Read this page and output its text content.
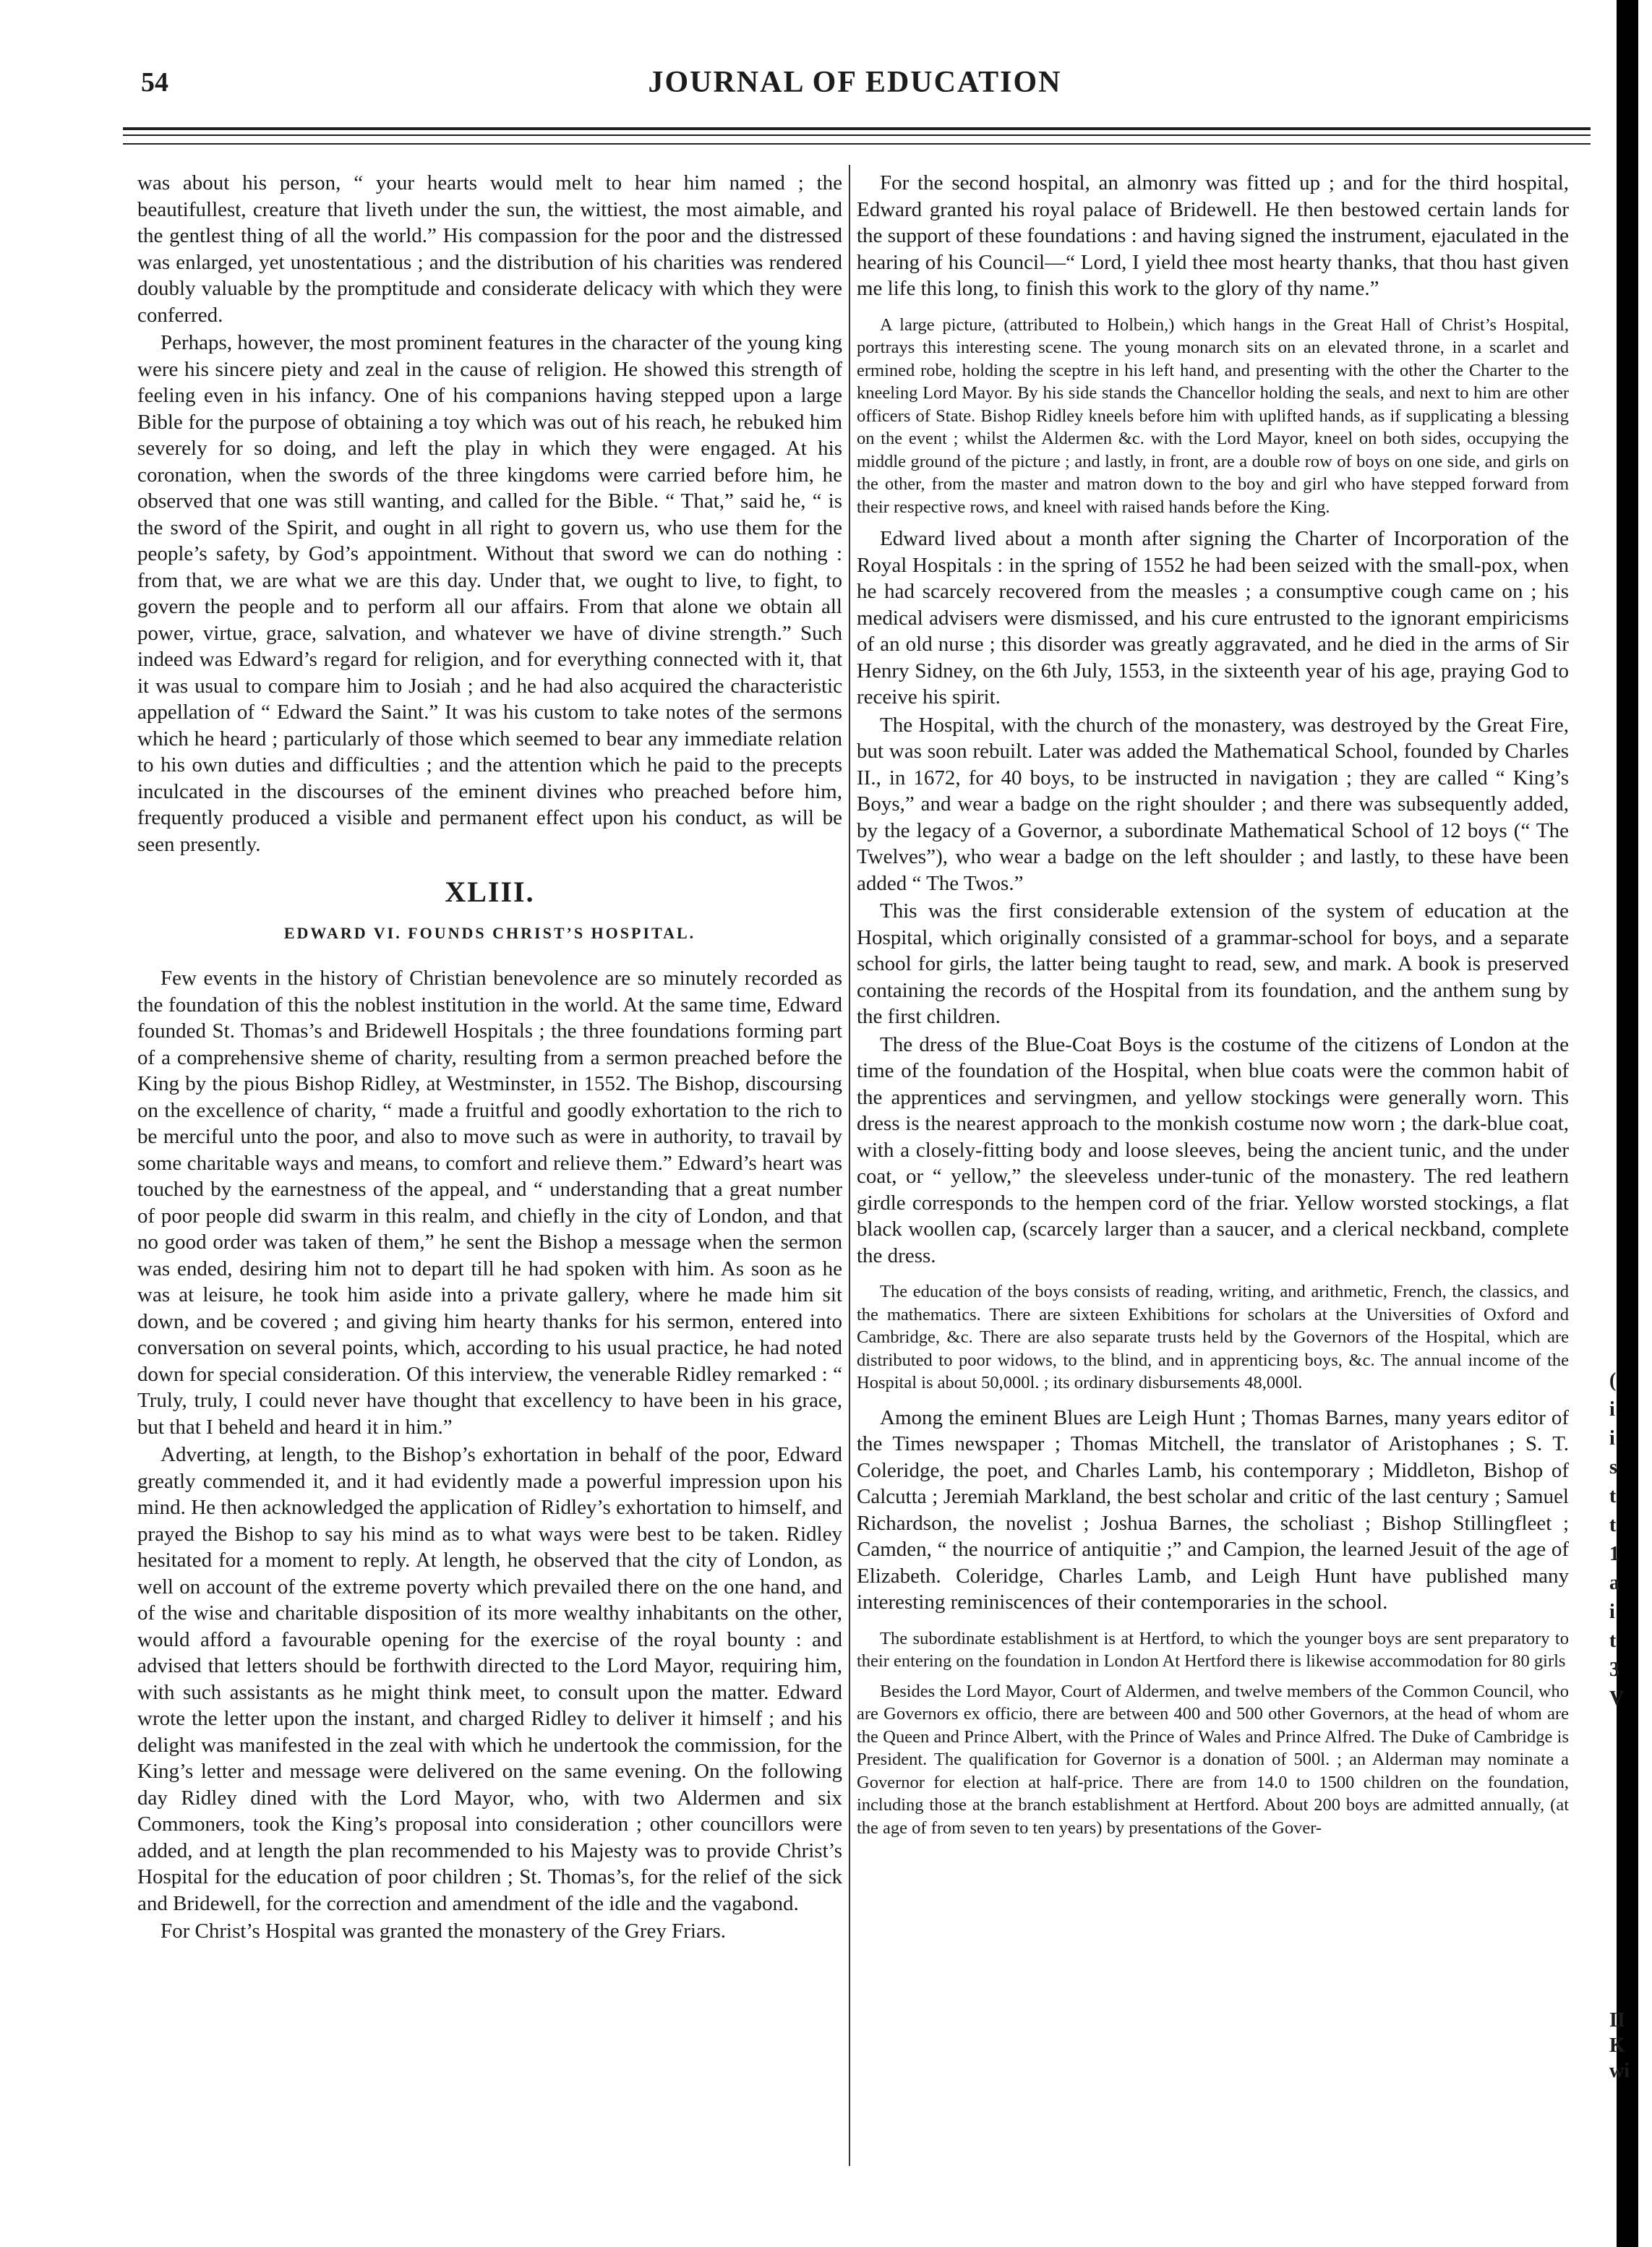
54	JOURNAL OF EDUCATION

was about his person, “ your hearts would melt to hear him named ; the beautifullest, creature that liveth under the sun, the wittiest, the most aimable, and the gentlest thing of all the world.” His compassion for the poor and the distressed was enlarged, yet unostentatious ; and the distribution of his charities was rendered doubly valuable by the promptitude and considerate delicacy with which they were conferred.

Perhaps, however, the most prominent features in the character of the young king were his sincere piety and zeal in the cause of religion. He showed this strength of feeling even in his infancy. One of his companions having stepped upon a large Bible for the purpose of obtaining a toy which was out of his reach, he rebuked him severely for so doing, and left the play in which they were engaged. At his coronation, when the swords of the three kingdoms were carried before him, he observed that one was still wanting, and called for the Bible. “ That,” said he, “ is the sword of the Spirit, and ought in all right to govern us, who use them for the people’s safety, by God’s appointment. Without that sword we can do nothing : from that, we are what we are this day. Under that, we ought to live, to fight, to govern the people and to perform all our affairs. From that alone we obtain all power, virtue, grace, salvation, and whatever we have of divine strength.” Such indeed was Edward’s regard for religion, and for everything connected with it, that it was usual to compare him to Josiah ; and he had also acquired the characteristic appellation of “ Edward the Saint.” It was his custom to take notes of the sermons which he heard ; particularly of those which seemed to bear any immediate relation to his own duties and difficulties ; and the attention which he paid to the precepts inculcated in the discourses of the eminent divines who preached before him, frequently produced a visible and permanent effect upon his conduct, as will be seen presently.

XLIII.
EDWARD VI. FOUNDS CHRIST’S HOSPITAL.

Few events in the history of Christian benevolence are so minutely recorded as the foundation of this the noblest institution in the world. At the same time, Edward founded St. Thomas’s and Bridewell Hospitals ; the three foundations forming part of a comprehensive sheme of charity, resulting from a sermon preached before the King by the pious Bishop Ridley, at Westminster, in 1552. The Bishop, discoursing on the excellence of charity, “ made a fruitful and goodly exhortation to the rich to be merciful unto the poor, and also to move such as were in authority, to travail by some charitable ways and means, to comfort and relieve them.” Edward’s heart was touched by the earnestness of the appeal, and “ understanding that a great number of poor people did swarm in this realm, and chiefly in the city of London, and that no good order was taken of them,” he sent the Bishop a message when the sermon was ended, desiring him not to depart till he had spoken with him. As soon as he was at leisure, he took him aside into a private gallery, where he made him sit down, and be covered ; and giving him hearty thanks for his sermon, entered into conversation on several points, which, according to his usual practice, he had noted down for special consideration. Of this interview, the venerable Ridley remarked : “ Truly, truly, I could never have thought that excellency to have been in his grace, but that I beheld and heard it in him.”

Adverting, at length, to the Bishop’s exhortation in behalf of the poor, Edward greatly commended it, and it had evidently made a powerful impression upon his mind. He then acknowledged the application of Ridley’s exhortation to himself, and prayed the Bishop to say his mind as to what ways were best to be taken. Ridley hesitated for a moment to reply. At length, he observed that the city of London, as well on account of the extreme poverty which prevailed there on the one hand, and of the wise and charitable disposition of its more wealthy inhabitants on the other, would afford a favourable opening for the exercise of the royal bounty : and advised that letters should be forthwith directed to the Lord Mayor, requiring him, with such assistants as he might think meet, to consult upon the matter. Edward wrote the letter upon the instant, and charged Ridley to deliver it himself ; and his delight was manifested in the zeal with which he undertook the commission, for the King’s letter and message were delivered on the same evening. On the following day Ridley dined with the Lord Mayor, who, with two Aldermen and six Commoners, took the King’s proposal into consideration ; other councillors were added, and at length the plan recommended to his Majesty was to provide Christ’s Hospital for the education of poor children ; St. Thomas’s, for the relief of the sick and Bridewell, for the correction and amendment of the idle and the vagabond.

For Christ’s Hospital was granted the monastery of the Grey Friars.

For the second hospital, an almonry was fitted up ; and for the third hospital, Edward granted his royal palace of Bridewell. He then bestowed certain lands for the support of these foundations : and having signed the instrument, ejaculated in the hearing of his Council—“ Lord, I yield thee most hearty thanks, that thou hast given me life this long, to finish this work to the glory of thy name.”

A large picture, (attributed to Holbein,) which hangs in the Great Hall of Christ’s Hospital, portrays this interesting scene. The young monarch sits on an elevated throne, in a scarlet and ermined robe, holding the sceptre in his left hand, and presenting with the other the Charter to the kneeling Lord Mayor. By his side stands the Chancellor holding the seals, and next to him are other officers of State. Bishop Ridley kneels before him with uplifted hands, as if supplicating a blessing on the event ; whilst the Aldermen &c. with the Lord Mayor, kneel on both sides, occupying the middle ground of the picture ; and lastly, in front, are a double row of boys on one side, and girls on the other, from the master and matron down to the boy and girl who have stepped forward from their respective rows, and kneel with raised hands before the King.

Edward lived about a month after signing the Charter of Incorporation of the Royal Hospitals : in the spring of 1552 he had been seized with the small-pox, when he had scarcely recovered from the measles ; a consumptive cough came on ; his medical advisers were dismissed, and his cure entrusted to the ignorant empiricisms of an old nurse ; this disorder was greatly aggravated, and he died in the arms of Sir Henry Sidney, on the 6th July, 1553, in the sixteenth year of his age, praying God to receive his spirit.

The Hospital, with the church of the monastery, was destroyed by the Great Fire, but was soon rebuilt. Later was added the Mathematical School, founded by Charles II., in 1672, for 40 boys, to be instructed in navigation ; they are called “ King’s Boys,” and wear a badge on the right shoulder ; and there was subsequently added, by the legacy of a Governor, a subordinate Mathematical School of 12 boys (“ The Twelves”), who wear a badge on the left shoulder ; and lastly, to these have been added “ The Twos.”

This was the first considerable extension of the system of education at the Hospital, which originally consisted of a grammar-school for boys, and a separate school for girls, the latter being taught to read, sew, and mark. A book is preserved containing the records of the Hospital from its foundation, and the anthem sung by the first children.

The dress of the Blue-Coat Boys is the costume of the citizens of London at the time of the foundation of the Hospital, when blue coats were the common habit of the apprentices and servingmen, and yellow stockings were generally worn. This dress is the nearest approach to the monkish costume now worn ; the dark-blue coat, with a closely-fitting body and loose sleeves, being the ancient tunic, and the under coat, or “ yellow,” the sleeveless under-tunic of the monastery. The red leathern girdle corresponds to the hempen cord of the friar. Yellow worsted stockings, a flat black woollen cap, (scarcely larger than a saucer, and a clerical neckband, complete the dress.

The education of the boys consists of reading, writing, and arithmetic, French, the classics, and the mathematics. There are sixteen Exhibitions for scholars at the Universities of Oxford and Cambridge, &c. There are also separate trusts held by the Governors of the Hospital, which are distributed to poor widows, to the blind, and in apprenticing boys, &c. The annual income of the Hospital is about 50,000l. ; its ordinary disbursements 48,000l.

Among the eminent Blues are Leigh Hunt ; Thomas Barnes, many years editor of the Times newspaper ; Thomas Mitchell, the translator of Aristophanes ; S. T. Coleridge, the poet, and Charles Lamb, his contemporary ; Middleton, Bishop of Calcutta ; Jeremiah Markland, the best scholar and critic of the last century ; Samuel Richardson, the novelist ; Joshua Barnes, the scholiast ; Bishop Stillingfleet ; Camden, “ the nourrice of antiquitie ;” and Campion, the learned Jesuit of the age of Elizabeth. Coleridge, Charles Lamb, and Leigh Hunt have published many interesting reminiscences of their contemporaries in the school.

The subordinate establishment is at Hertford, to which the younger boys are sent preparatory to their entering on the foundation in London At Hertford there is likewise accommodation for 80 girls

Besides the Lord Mayor, Court of Aldermen, and twelve members of the Common Council, who are Governors ex officio, there are between 400 and 500 other Governors, at the head of whom are the Queen and Prince Albert, with the Prince of Wales and Prince Alfred. The Duke of Cambridge is President. The qualification for Governor is a donation of 500l. ; an Alderman may nominate a Governor for election at half-price. There are from 14.0 to 1500 children on the foundation, including those at the branch establishment at Hertford. About 200 boys are admitted annually, (at the age of from seven to ten years) by presentations of the Gover-

(
i
i
s
t
t
1
a
i
t
3
V
II
K
wi
